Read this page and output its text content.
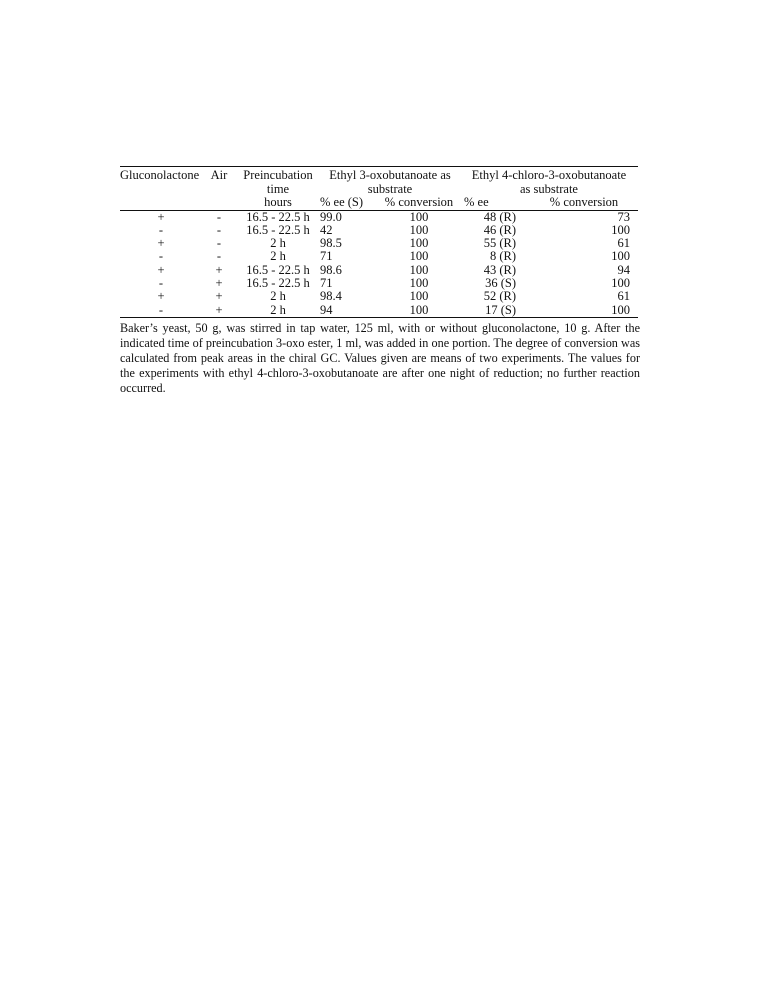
Gluconolactone	Air	Preincubation	Ethyl 3-oxobutanoate as		Ethyl 4-chloro-3-oxobutanoate	
		time	substrate		as substrate	
		hours	% ee (S)	% conversion	% ee	% conversion
+	-	16.5 - 22.5 h	99.0	100	48 (R)	73
-	-	16.5 - 22.5 h	42	100	46 (R)	100
+	-	2 h	98.5	100	55 (R)	61
-	-	2 h	71	100	8 (R)	100
+	+	16.5 - 22.5 h	98.6	100	43 (R)	94
-	+	16.5 - 22.5 h	71	100	36 (S)	100
+	+	2 h	98.4	100	52 (R)	61
-	+	2 h	94	100	17 (S)	100
Baker’s yeast, 50 g, was stirred in tap water, 125 ml, with or without gluconolactone, 10 g. After the indicated time of preincubation 3-oxo ester, 1 ml, was added in one portion. The degree of conversion was calculated from peak areas in the chiral GC. Values given are means of two experiments. The values for the experiments with ethyl 4-chloro-3-oxobutanoate are after one night of reduction; no further reaction occurred.
